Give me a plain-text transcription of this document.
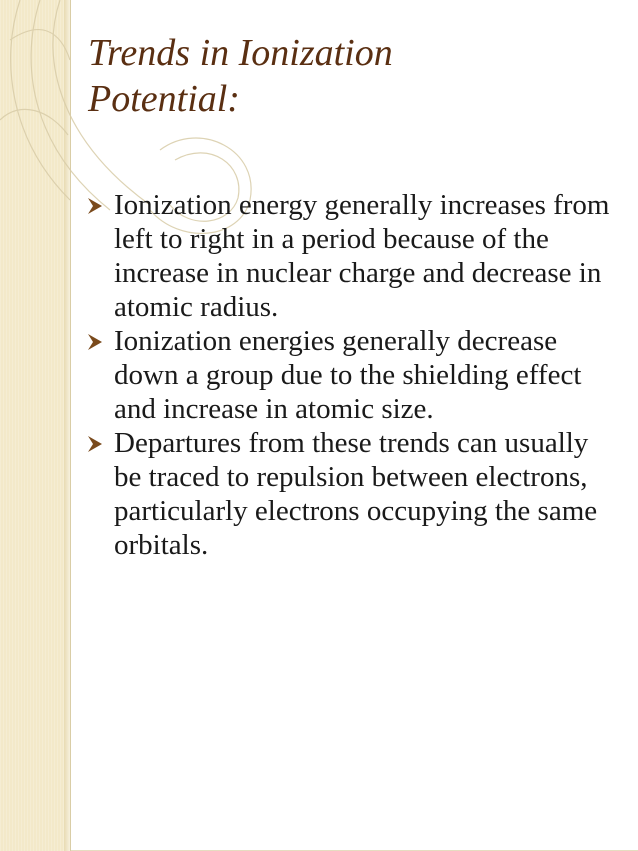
Trends in Ionization
Potential:
Ionization energy generally increases from left to right in a period because of the increase in nuclear charge and decrease in atomic radius.
Ionization energies generally decrease down a group due to the shielding effect and increase in atomic size.
Departures from these trends can usually be traced to repulsion between electrons, particularly electrons occupying the same orbitals.
